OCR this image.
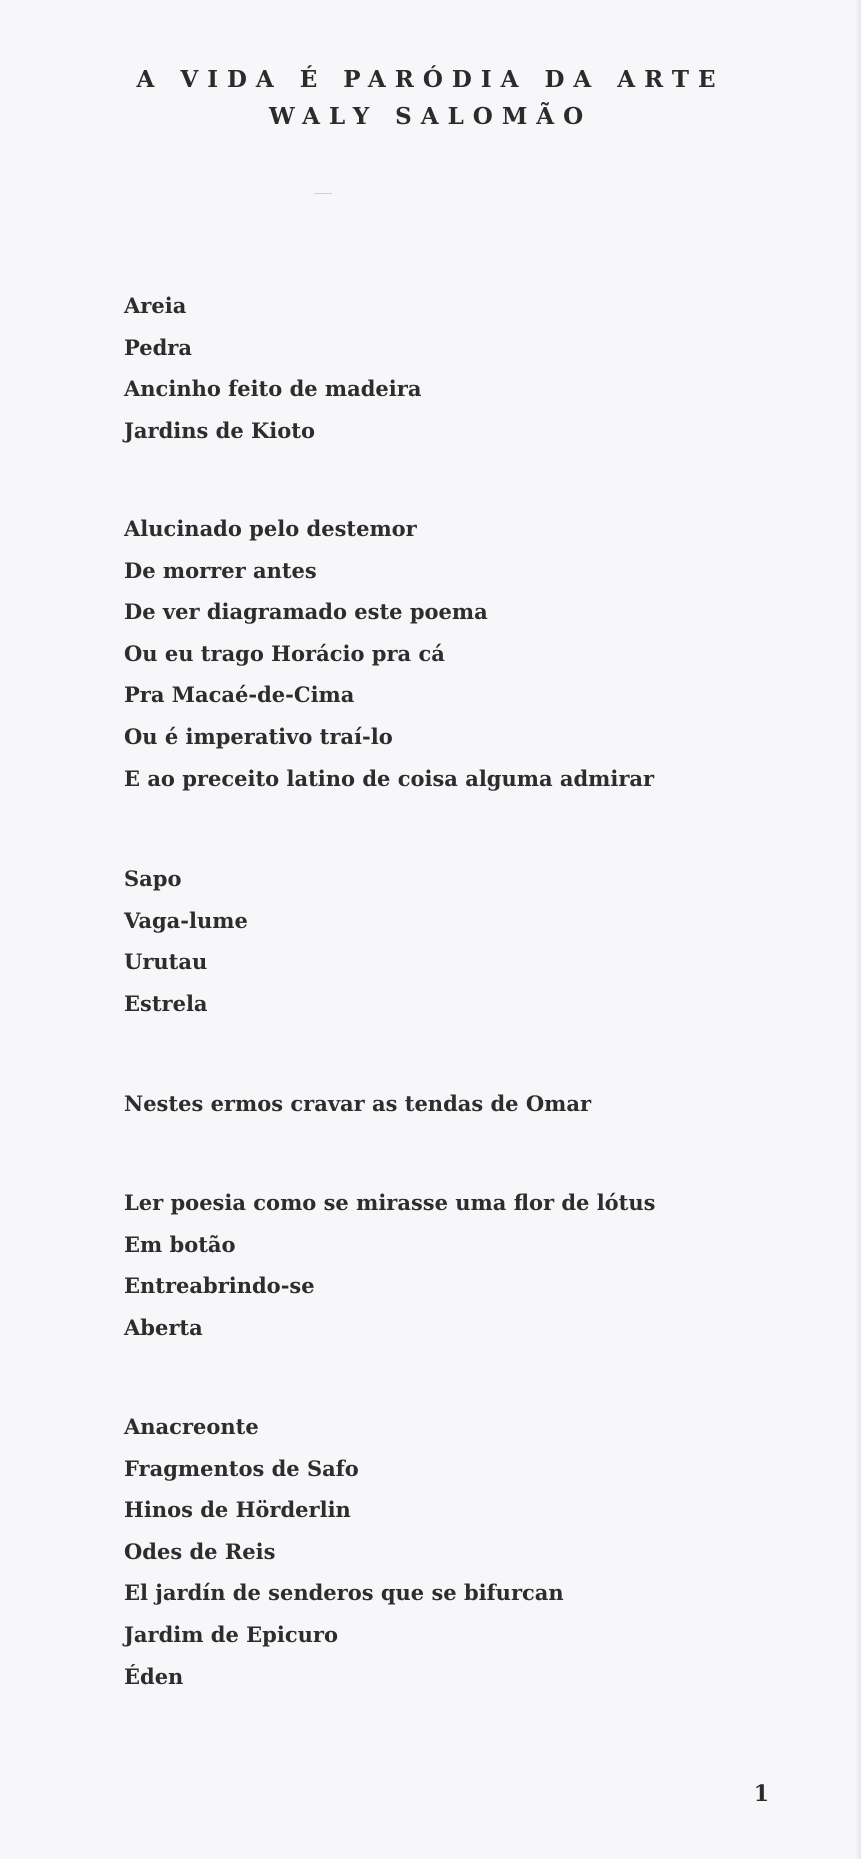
A VIDA É PARÓDIA DA ARTE
WALY SALOMÃO
Areia
Pedra
Ancinho feito de madeira
Jardins de Kioto
Alucinado pelo destemor
De morrer antes
De ver diagramado este poema
Ou eu trago Horácio pra cá
Pra Macaé-de-Cima
Ou é imperativo traí-lo
E ao preceito latino de coisa alguma admirar
Sapo
Vaga-lume
Urutau
Estrela
Nestes ermos cravar as tendas de Omar
Ler poesia como se mirasse uma flor de lótus
Em botão
Entreabrindo-se
Aberta
Anacreonte
Fragmentos de Safo
Hinos de Hörderlin
Odes de Reis
El jardín de senderos que se bifurcan
Jardim de Epicuro
Éden
1
